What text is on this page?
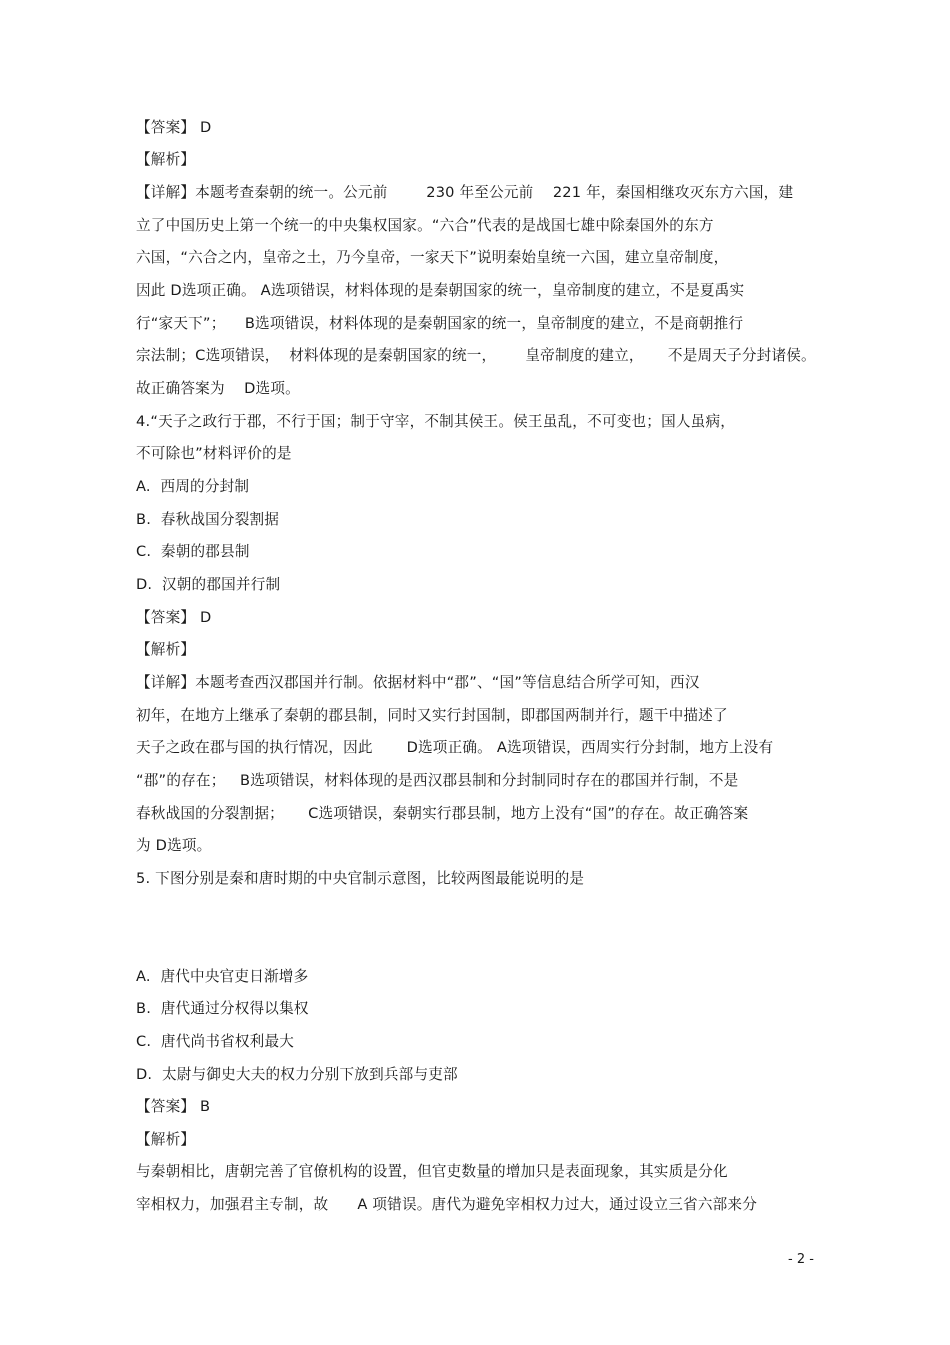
【答案】 D
【解析】
【详解】本题考查秦朝的统一。公元前        230 年至公元前    221 年，秦国相继攻灭东方六国，建
立了中国历史上第一个统一的中央集权国家。“六合”代表的是战国七雄中除秦国外的东方
六国，“六合之内，皇帝之土，乃今皇帝，一家天下”说明秦始皇统一六国，建立皇帝制度，
因此 D选项正确。 A选项错误，材料体现的是秦朝国家的统一，皇帝制度的建立，不是夏禹实
行“家天下”；    B选项错误，材料体现的是秦朝国家的统一，皇帝制度的建立，不是商朝推行
宗法制；C选项错误，  材料体现的是秦朝国家的统一，      皇帝制度的建立，     不是周天子分封诸侯。
故正确答案为    D选项。
4.“天子之政行于郡，不行于国；制于守宰，不制其侯王。侯王虽乱，不可变也；国人虽病，
不可除也”材料评价的是
A.  西周的分封制
B.  春秋战国分裂割据
C.  秦朝的郡县制
D.  汉朝的郡国并行制
【答案】 D
【解析】
【详解】本题考查西汉郡国并行制。依据材料中“郡”、“国”等信息结合所学可知，西汉
初年，在地方上继承了秦朝的郡县制，同时又实行封国制，即郡国两制并行，题干中描述了
天子之政在郡与国的执行情况，因此       D选项正确。 A选项错误，西周实行分封制，地方上没有
“郡”的存在；   B选项错误，材料体现的是西汉郡县制和分封制同时存在的郡国并行制，不是
春秋战国的分裂割据；     C选项错误，秦朝实行郡县制，地方上没有“国”的存在。故正确答案
为 D选项。
5. 下图分别是秦和唐时期的中央官制示意图，比较两图最能说明的是
A.  唐代中央官吏日渐增多
B.  唐代通过分权得以集权
C.  唐代尚书省权利最大
D.  太尉与御史大夫的权力分别下放到兵部与吏部
【答案】 B
【解析】
与秦朝相比，唐朝完善了官僚机构的设置，但官吏数量的增加只是表面现象，其实质是分化
宰相权力，加强君主专制，故      A 项错误。唐代为避免宰相权力过大，通过设立三省六部来分
- 2 -
